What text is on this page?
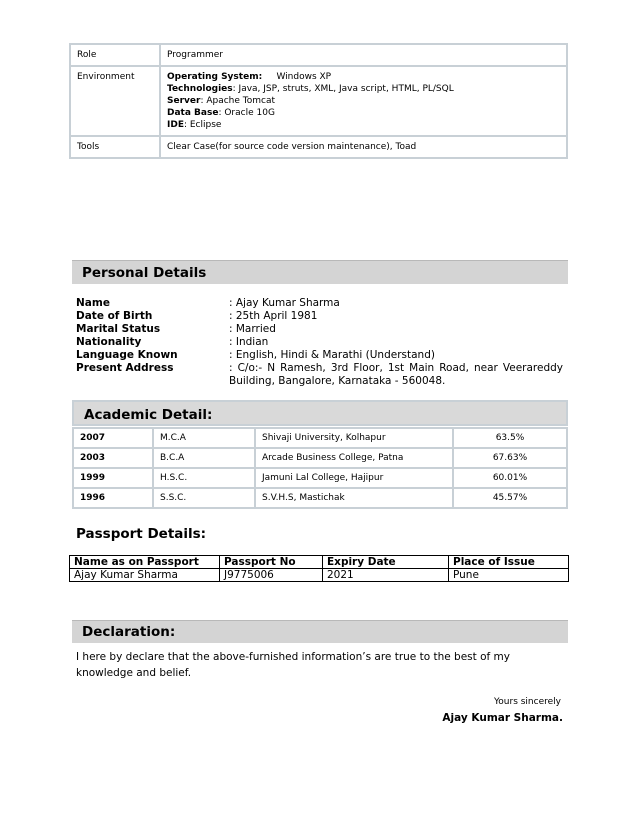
Role	Programmer
Environment	Operating System: Windows XP
Technologies: Java, JSP, struts, XML, Java script, HTML, PL/SQL
Server: Apache Tomcat
Data Base: Oracle 10G
IDE: Eclipse

Tools	Clear Case(for source code version maintenance), Toad
Personal Details
Name	: Ajay Kumar Sharma
Date of Birth	: 25th April 1981
Marital Status	: Married
Nationality	: Indian
Language Known	: English, Hindi & Marathi (Understand)
Present Address	: C/o:- N Ramesh, 3rd Floor, 1st Main Road, near Veerareddy Building, Bangalore, Karnataka - 560048.
Academic Detail:
2007	M.C.A	Shivaji University, Kolhapur	63.5%
2003	B.C.A	Arcade Business College, Patna	67.63%
1999	H.S.C.	Jamuni Lal College, Hajipur	60.01%
1996	S.S.C.	S.V.H.S, Mastichak	45.57%
Passport Details:
Name as on Passport	Passport No	Expiry Date	Place of Issue
Ajay Kumar Sharma	J9775006	2021	Pune
Declaration:
I here by declare that the above-furnished information’s are true to the best of my knowledge and belief.
Yours sincerely
Ajay Kumar Sharma.
